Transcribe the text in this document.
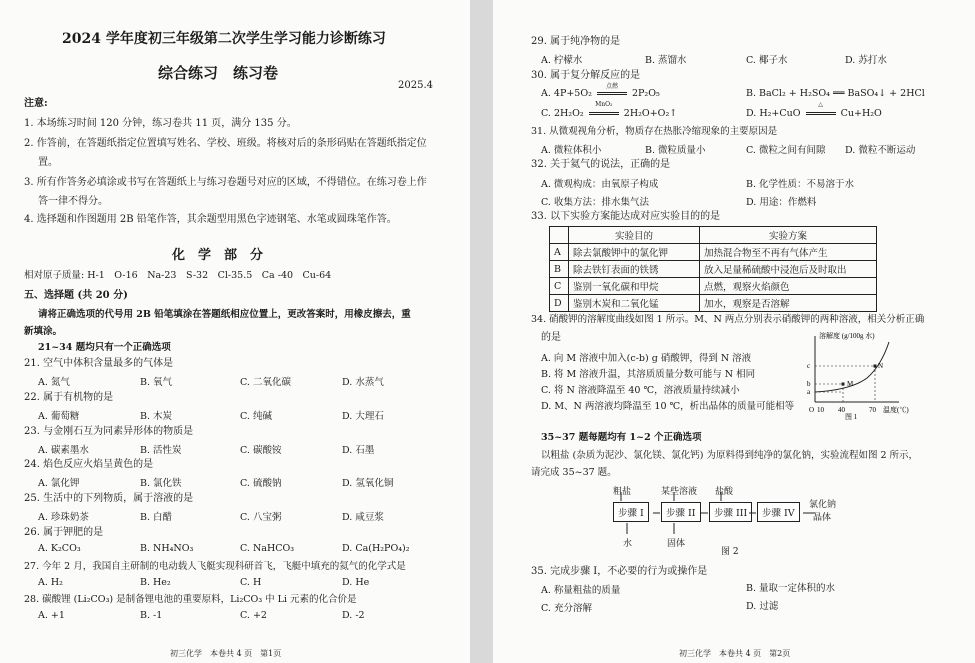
2024 学年度初三年级第二次学生学习能力诊断练习
综合练习　练习卷
2025.4
注意:
1. 本场练习时间 120 分钟，练习卷共 11 页，满分 135 分。
2. 作答前，在答题纸指定位置填写姓名、学校、班级。将核对后的条形码贴在答题纸指定位
置。
3. 所有作答务必填涂或书写在答题纸上与练习卷题号对应的区域，不得错位。在练习卷上作
答一律不得分。
4. 选择题和作图题用 2B 铅笔作答，其余题型用黑色字迹钢笔、水笔或圆珠笔作答。
化　学　部　分
相对原子质量: H-1　O-16　Na-23　S-32　Cl-35.5　Ca -40　Cu-64
五、选择题 (共 20 分)
请将正确选项的代号用 2B 铅笔填涂在答题纸相应位置上，更改答案时，用橡皮擦去，重
新填涂。
21~34 题均只有一个正确选项
21. 空气中体积含量最多的气体是
A. 氮气	B. 氧气	C. 二氧化碳	D. 水蒸气
22. 属于有机物的是
A. 葡萄糖	B. 木炭	C. 纯碱	D. 大理石
23. 与金刚石互为同素异形体的物质是
A. 碳素墨水	B. 活性炭	C. 碳酸铵	D. 石墨
24. 焰色反应火焰呈黄色的是
A. 氯化钾	B. 氯化铁	C. 硫酸钠	D. 氢氧化铜
25. 生活中的下列物质，属于溶液的是
A. 珍珠奶茶	B. 白醋	C. 八宝粥	D. 咸豆浆
26. 属于钾肥的是
A. K₂CO₃	B. NH₄NO₃	C. NaHCO₃	D. Ca(H₂PO₄)₂
27. 今年 2 月，我国自主研制的电动载人飞艇实现科研首飞，飞艇中填充的氦气的化学式是
A. H₂	B. He₂	C. H	D. He
28. 碳酸锂 (Li₂CO₃) 是制备锂电池的重要原料，Li₂CO₃ 中 Li 元素的化合价是
A. +1	B. -1	C. +2	D. -2
初三化学　本卷共 4 页　第1页
29. 属于纯净物的是
A. 柠檬水	B. 蒸馏水	C. 椰子水	D. 苏打水
30. 属于复分解反应的是
A. 4P+5O₂
点燃
2P₂O₅	B. BaCl₂ + H₂SO₄ ══ BaSO₄↓ + 2HCl
C. 2H₂O₂
MnO₂
2H₂O+O₂↑	D. H₂+CuO
△
Cu+H₂O
31. 从微观视角分析，物质存在热胀冷缩现象的主要原因是
A. 微粒体积小	B. 微粒质量小	C. 微粒之间有间隙 D. 微粒不断运动
32. 关于氦气的说法，正确的是
A. 微观构成：由氧原子构成	B. 化学性质：不易溶于水
C. 收集方法：排水集气法	D. 用途：作燃料
33. 以下实验方案能达成对应实验目的的是
	实验目的	实验方案
A	除去氯酸钾中的氯化钾	加热混合物至不再有气体产生
B	除去铁钉表面的铁锈	放入足量稀硫酸中浸泡后及时取出
C	鉴别一氧化碳和甲烷	点燃，观察火焰颜色
D	鉴别木炭和二氧化锰	加水，观察是否溶解
34. 硝酸钾的溶解度曲线如图 1 所示。M、N 两点分别表示硝酸钾的两种溶液，相关分析正确
的是
A. 向 M 溶液中加入(c-b) g 硝酸钾，得到 N 溶液
B. 将 M 溶液升温，其溶质质量分数可能与 N 相同
C. 将 N 溶液降温至 40 ℃，溶液质量持续减小
D. M、N 两溶液均降温至 10 ℃，析出晶体的质量可能相等
溶解度 (g/100g 水)
c
b
a
O 10 40	70 温度(℃)
M
N
图 1
35~37 题每题均有 1~2 个正确选项
以粗盐 (杂质为泥沙、氯化镁、氯化钙) 为原料得到纯净的氯化钠，实验流程如图 2 所示，
请完成 35~37 题。
粗盐	某些溶液 盐酸
步骤 I	步骤 II	步骤 III	步骤 IV
氯化钠
晶体
水	固体
图 2
35. 完成步骤 I，不必要的行为或操作是
A. 称量粗盐的质量	B. 量取一定体积的水
C. 充分溶解	D. 过滤
初三化学　本卷共 4 页　第2页
